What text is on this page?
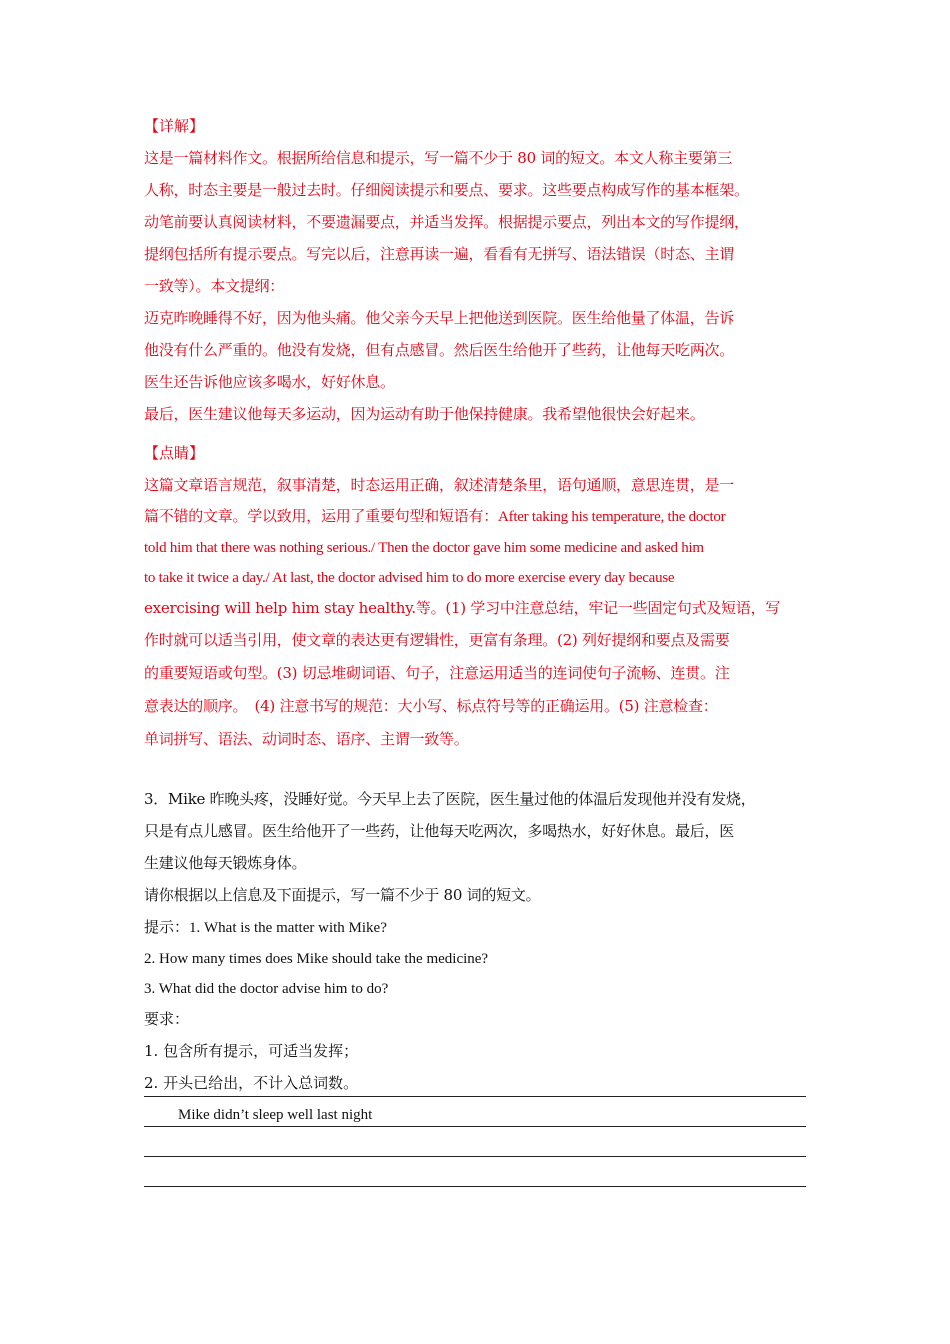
【详解】
这是一篇材料作文。根据所给信息和提示，写一篇不少于 80 词的短文。本文人称主要第三
人称，时态主要是一般过去时。仔细阅读提示和要点、要求。这些要点构成写作的基本框架。
动笔前要认真阅读材料，不要遗漏要点，并适当发挥。根据提示要点，列出本文的写作提纲，
提纲包括所有提示要点。写完以后，注意再读一遍，看看有无拼写、语法错误（时态、主谓
一致等）。本文提纲：
迈克昨晚睡得不好，因为他头痛。他父亲今天早上把他送到医院。医生给他量了体温，告诉
他没有什么严重的。他没有发烧，但有点感冒。然后医生给他开了些药，让他每天吃两次。
医生还告诉他应该多喝水，好好休息。
最后，医生建议他每天多运动，因为运动有助于他保持健康。我希望他很快会好起来。
【点睛】
这篇文章语言规范，叙事清楚，时态运用正确，叙述清楚条里，语句通顺，意思连贯，是一
篇不错的文章。学以致用，运用了重要句型和短语有：After taking his temperature, the doctor
told him that there was nothing serious./ Then the doctor gave him some medicine and asked him
to take it twice a day./ At last, the doctor advised him to do more exercise every day because
exercising will help him stay healthy.等。(1) 学习中注意总结，牢记一些固定句式及短语，写
作时就可以适当引用，使文章的表达更有逻辑性，更富有条理。(2) 列好提纲和要点及需要
的重要短语或句型。(3) 切忌堆砌词语、句子，注意运用适当的连词使句子流畅、连贯。注
意表达的顺序。　(4) 注意书写的规范：大小写、标点符号等的正确运用。(5) 注意检查：
单词拼写、语法、动词时态、语序、主谓一致等。
3．Mike 昨晚头疼，没睡好觉。今天早上去了医院，医生量过他的体温后发现他并没有发烧，
只是有点儿感冒。医生给他开了一些药，让他每天吃两次，多喝热水，好好休息。最后，医
生建议他每天锻炼身体。
请你根据以上信息及下面提示，写一篇不少于 80 词的短文。
提示：1. What is the matter with Mike?
2. How many times does Mike should take the medicine?
3. What did the doctor advise him to do?
要求：
1. 包含所有提示，可适当发挥；
2. 开头已给出，不计入总词数。
Mike didn’t sleep well last night
